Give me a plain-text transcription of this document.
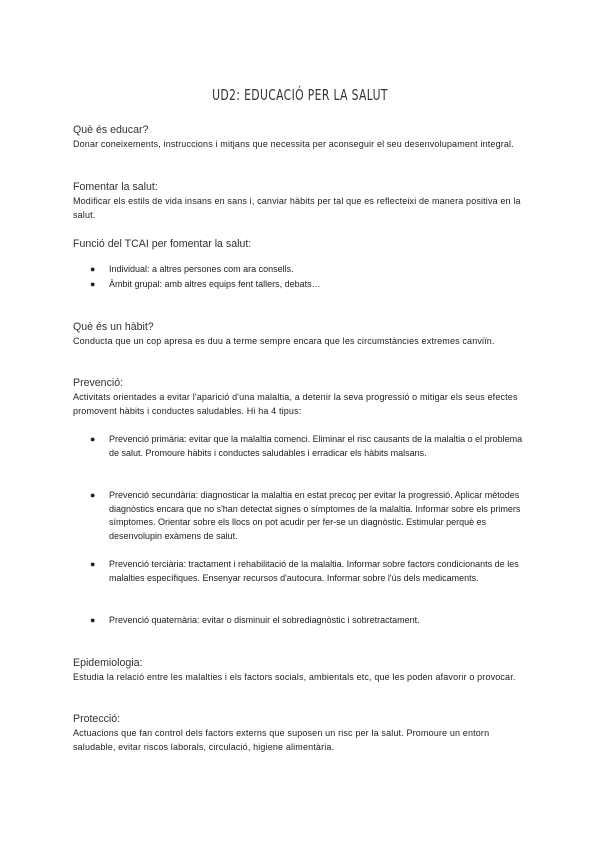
UD2: EDUCACIÓ PER LA SALUT
Què és educar?
Donar coneixements, instruccions i mitjans que necessita per aconseguir el seu desenvolupament integral.
Fomentar la salut:
Modificar els estils de vida insans en sans i, canviar hàbits per tal que es reflecteixi de manera positiva en la salut.
Funció del TCAI per fomentar la salut:
● Individual: a altres persones com ara consells.
● Àmbit grupal: amb altres equips fent tallers, debats…
Què és un hàbit?
Conducta que un cop apresa es duu a terme sempre encara que les circumstàncies extremes canviïn.
Prevenció:
Activitats orientades a evitar l'aparició d'una malaltia, a detenir la seva progressió o mitigar els seus efectes promovent hàbits i conductes saludables. Hi ha 4 tipus:
● Prevenció primària: evitar que la malaltia comenci. Eliminar el risc causants de la malaltia o el problema de salut. Promoure hàbits i conductes saludables i erradicar els hàbits malsans.
● Prevenció secundària: diagnosticar la malaltia en estat precoç per evitar la progressió. Aplicar mètodes diagnòstics encara que no s'han detectat signes o símptomes de la malaltia. Informar sobre els primers símptomes. Orientar sobre els llocs on pot acudir per fer-se un diagnòstic. Estimular perquè es desenvolupin exàmens de salut.
● Prevenció terciària: tractament i rehabilitació de la malaltia. Informar sobre factors condicionants de les malalties específiques. Ensenyar recursos d'autocura. Informar sobre l'ús dels medicaments.
● Prevenció quaternària: evitar o disminuir el sobrediagnòstic i sobretractament.
Epidemiologia:
Estudia la relació entre les malalties i els factors socials, ambientals etc, que les poden afavorir o provocar.
Protecció:
Actuacions que fan control dels factors externs que suposen un risc per la salut. Promoure un entorn saludable, evitar riscos laborals, circulació, higiene alimentària.
